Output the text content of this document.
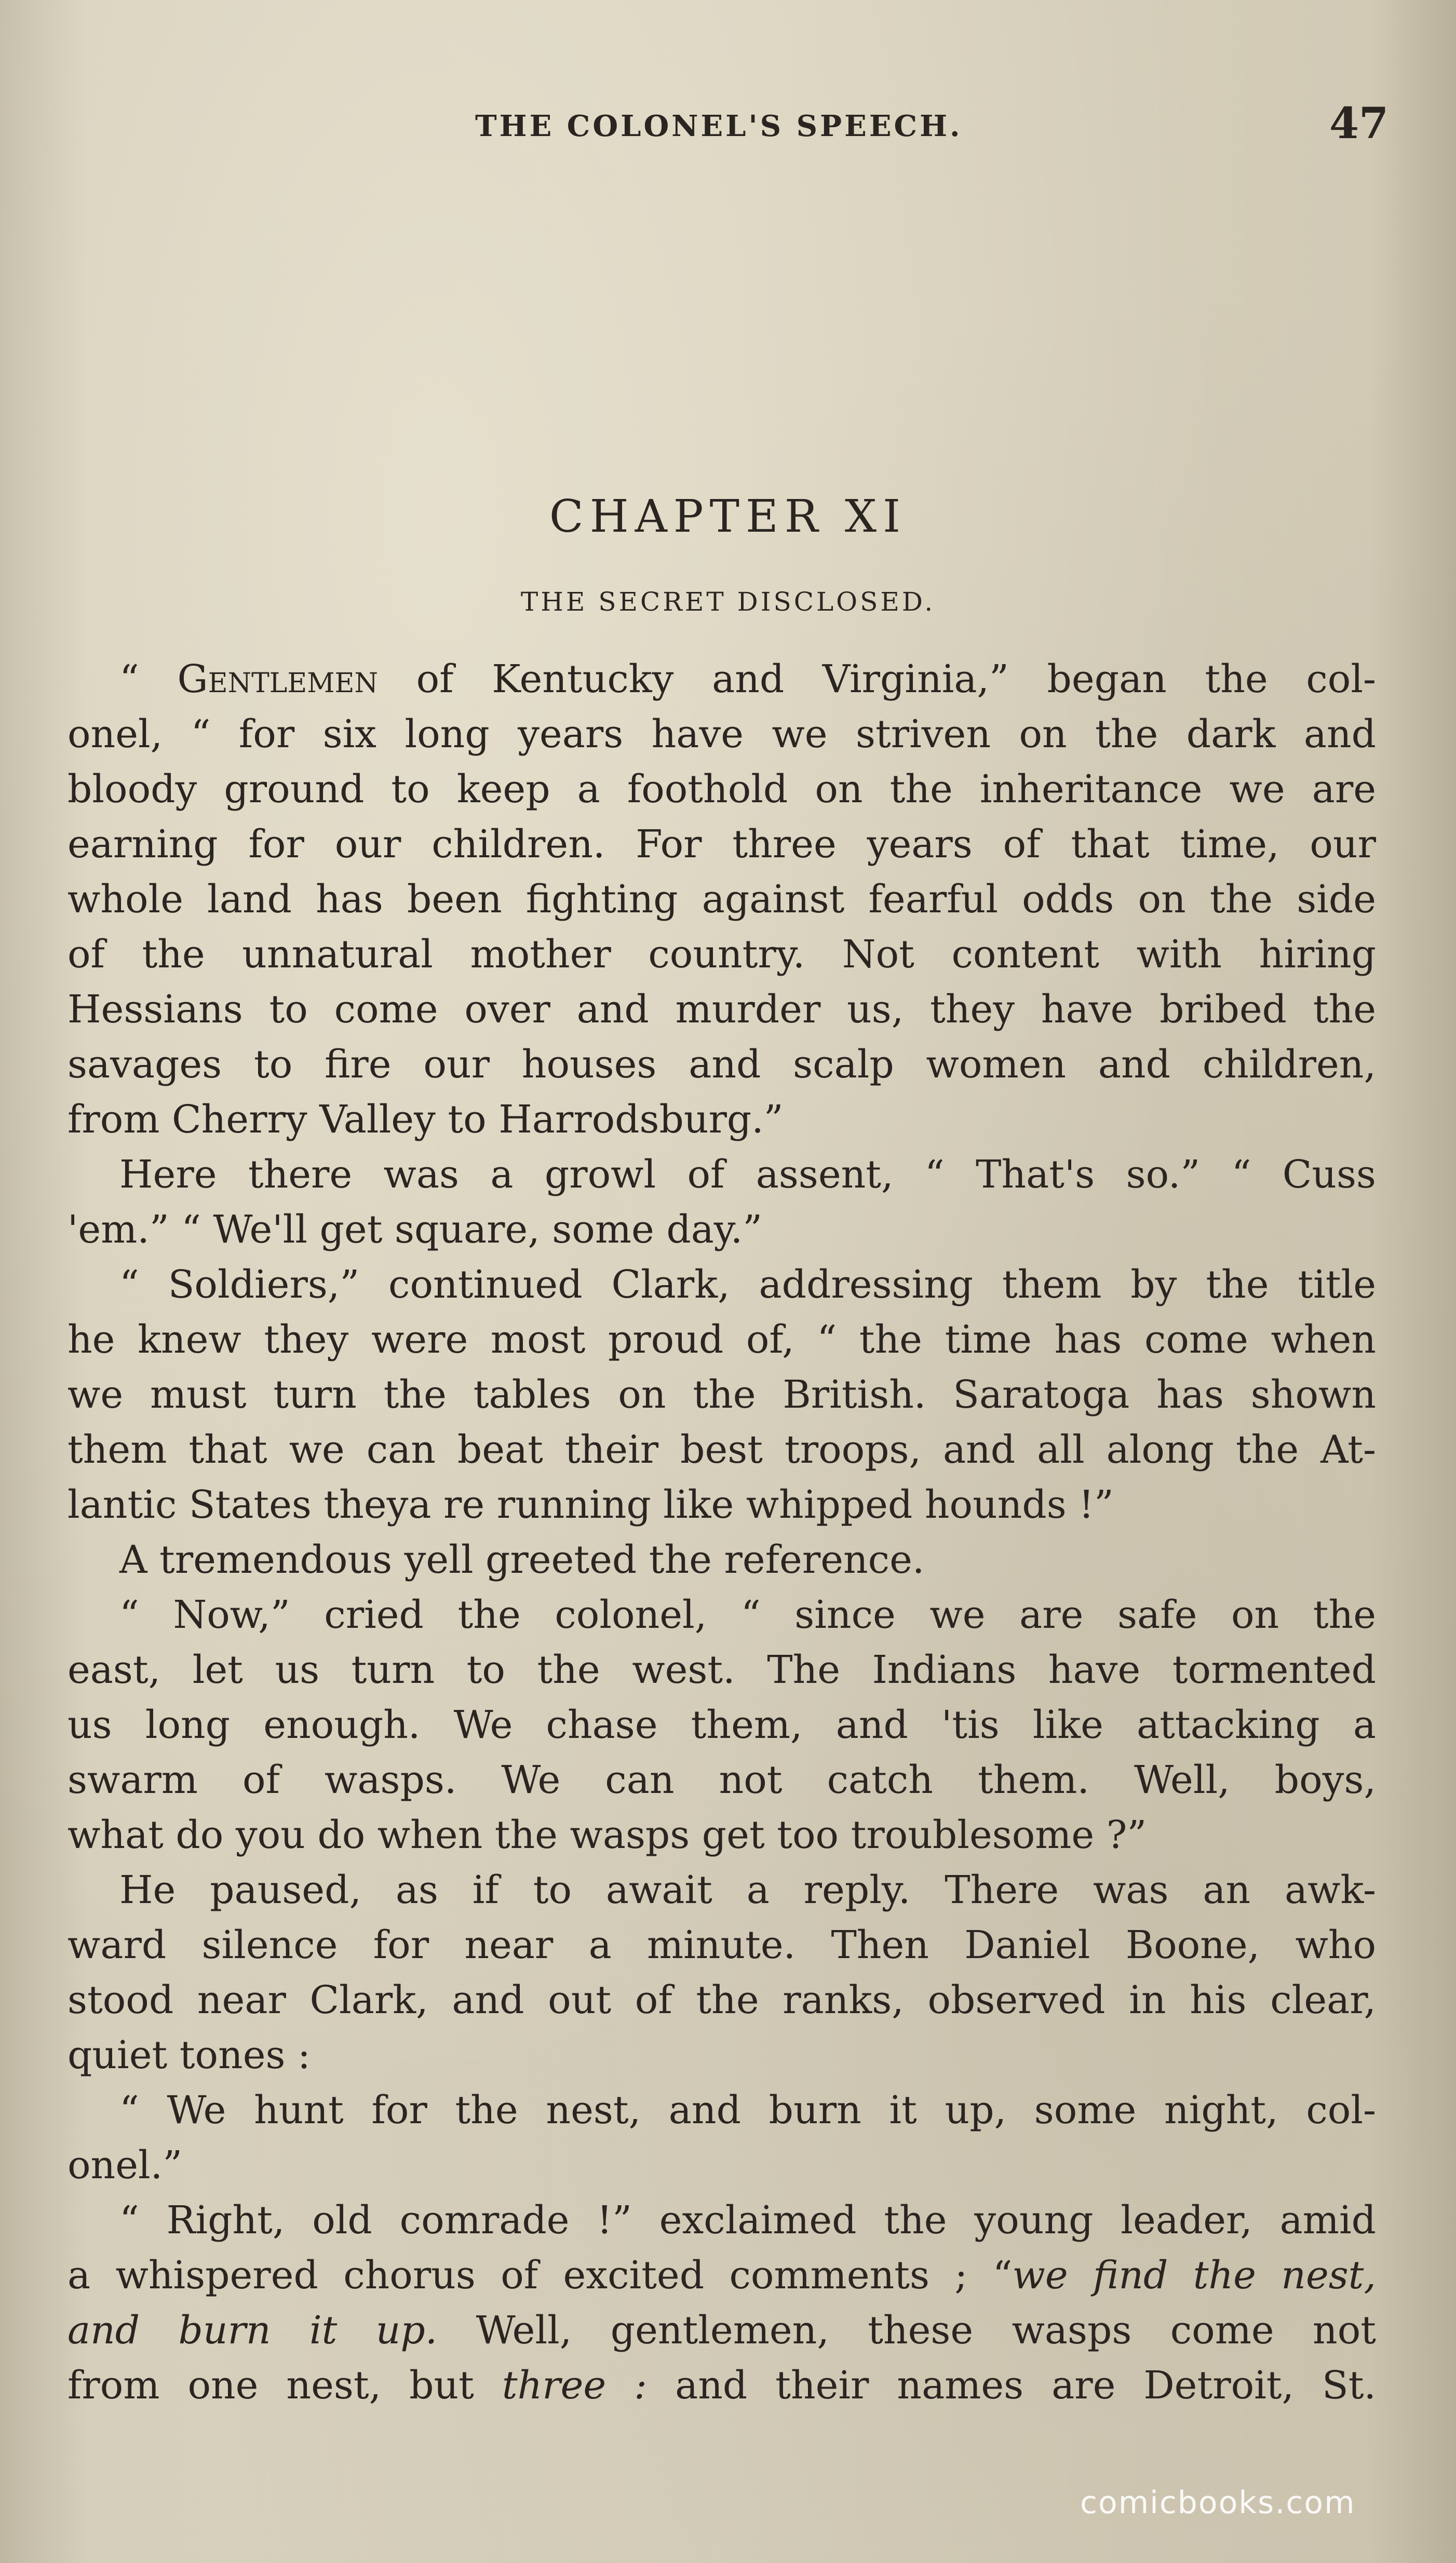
THE COLONEL'S SPEECH.	47
CHAPTER XI
THE SECRET DISCLOSED.
“ Gentlemen of Kentucky and Virginia,” began the col-
onel, “ for six long years have we striven on the dark and
bloody ground to keep a foothold on the inheritance we are
earning for our children. For three years of that time, our
whole land has been fighting against fearful odds on the side
of the unnatural mother country. Not content with hiring
Hessians to come over and murder us, they have bribed the
savages to fire our houses and scalp women and children,
from Cherry Valley to Harrodsburg.”
Here there was a growl of assent, “ That's so.” “ Cuss
'em.” “ We'll get square, some day.”
“ Soldiers,” continued Clark, addressing them by the title
he knew they were most proud of, “ the time has come when
we must turn the tables on the British. Saratoga has shown
them that we can beat their best troops, and all along the At-
lantic States theya re running like whipped hounds !”
A tremendous yell greeted the reference.
“ Now,” cried the colonel, “ since we are safe on the
east, let us turn to the west. The Indians have tormented
us long enough. We chase them, and 'tis like attacking a
swarm of wasps. We can not catch them. Well, boys,
what do you do when the wasps get too troublesome ?”
He paused, as if to await a reply. There was an awk-
ward silence for near a minute. Then Daniel Boone, who
stood near Clark, and out of the ranks, observed in his clear,
quiet tones :
“ We hunt for the nest, and burn it up, some night, col-
onel.”
“ Right, old comrade !” exclaimed the young leader, amid
a whispered chorus of excited comments ; “we find the nest,
and burn it up. Well, gentlemen, these wasps come not
from one nest, but three : and their names are Detroit, St.
comicbooks.com
